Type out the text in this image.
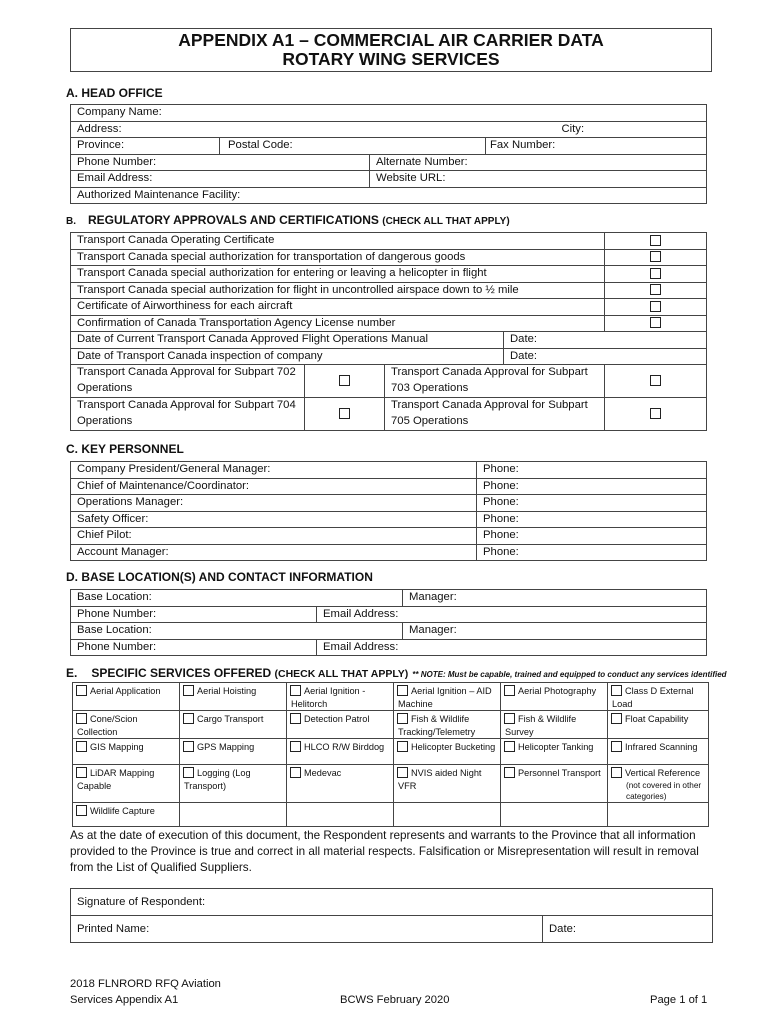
APPENDIX A1 – COMMERCIAL AIR CARRIER DATA
ROTARY WING SERVICES
A. HEAD OFFICE
Company Name:				
Address:				City:
Province:	Postal Code:		Fax Number:	
Phone Number:		Alternate Number:		
Email Address:		Website URL:		
Authorized Maintenance Facility:				
B. REGULATORY APPROVALS AND CERTIFICATIONS (CHECK ALL THAT APPLY)
Transport Canada Operating Certificate				
Transport Canada special authorization for transportation of dangerous goods				
Transport Canada special authorization for entering or leaving a helicopter in flight				
Transport Canada special authorization for flight in uncontrolled airspace down to ½ mile				
Certificate of Airworthiness for each aircraft				
Confirmation of Canada Transportation Agency License number				
Date of Current Transport Canada Approved Flight Operations Manual			Date:	
Date of Transport Canada inspection of company			Date:	
Transport Canada Approval for Subpart 702 Operations		Transport Canada Approval for Subpart 703 Operations		
Transport Canada Approval for Subpart 704 Operations		Transport Canada Approval for Subpart 705 Operations		
C. KEY PERSONNEL
Company President/General Manager:	Phone:
Chief of Maintenance/Coordinator:	Phone:
Operations Manager:	Phone:
Safety Officer:	Phone:
Chief Pilot:	Phone:
Account Manager:	Phone:
D. BASE LOCATION(S) AND CONTACT INFORMATION
Base Location:		Manager:
Phone Number:	Email Address:	
Base Location:		Manager:
Phone Number:	Email Address:	
E. SPECIFIC SERVICES OFFERED (CHECK ALL THAT APPLY) ** NOTE: Must be capable, trained and equipped to conduct any services identified
Aerial Application	Aerial Hoisting	Aerial Ignition - Helitorch	Aerial Ignition – AID Machine	Aerial Photography	Class D External Load

Cone/Scion Collection	Cargo Transport	Detection Patrol	Fish & Wildlife Tracking/Telemetry	Fish & Wildlife Survey	Float Capability

GIS Mapping	GPS Mapping	HLCO R/W Birddog	Helicopter Bucketing	Helicopter Tanking	Infrared Scanning

LiDAR Mapping Capable	Logging (Log Transport)	Medevac	NVIS aided Night VFR	Personnel Transport	Vertical Reference
(not covered in other categories)

Wildlife Capture					
As at the date of execution of this document, the Respondent represents and warrants to the Province that all information provided to the Province is true and correct in all material respects. Falsification or Misrepresentation will result in removal from the List of Qualified Suppliers.
Signature of Respondent:
Printed Name:	Date:
2018 FLNRORD RFQ Aviation
Services Appendix A1	BCWS February 2020	Page 1 of 1
